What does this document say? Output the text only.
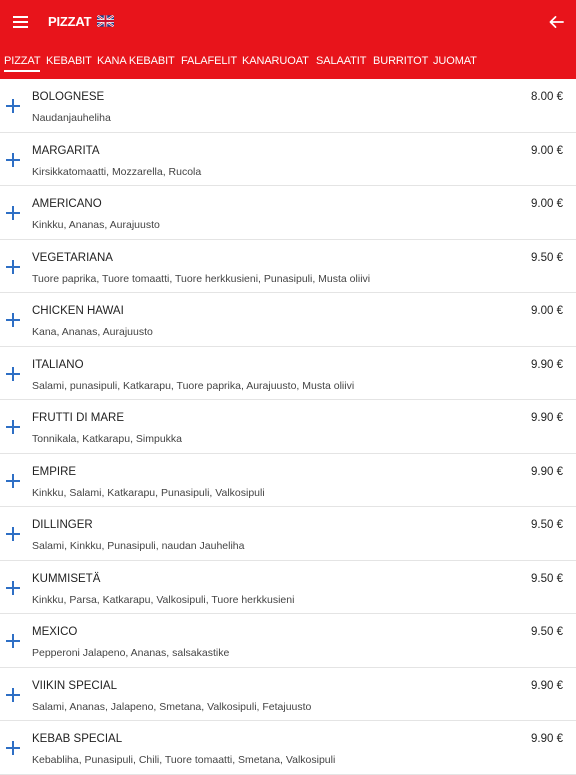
PIZZAT
PIZZAT KEBABIT KANA KEBABIT FALAFELIT KANARUOAT SALAATIT BURRITOT JUOMAT
BOLOGNESE
Naudanjauheliha
8.00 €
MARGARITA
Kirsikkatomaatti, Mozzarella, Rucola
9.00 €
AMERICANO
Kinkku, Ananas, Aurajuusto
9.00 €
VEGETARIANA
Tuore paprika, Tuore tomaatti, Tuore herkkusieni, Punasipuli, Musta oliivi
9.50 €
CHICKEN HAWAI
Kana, Ananas, Aurajuusto
9.00 €
ITALIANO
Salami, punasipuli, Katkarapu, Tuore paprika, Aurajuusto, Musta oliivi
9.90 €
FRUTTI DI MARE
Tonnikala, Katkarapu, Simpukka
9.90 €
EMPIRE
Kinkku, Salami, Katkarapu, Punasipuli, Valkosipuli
9.90 €
DILLINGER
Salami, Kinkku, Punasipuli, naudan Jauheliha
9.50 €
KUMMISETÄ
Kinkku, Parsa, Katkarapu, Valkosipuli, Tuore herkkusieni
9.50 €
MEXICO
Pepperoni Jalapeno, Ananas, salsakastike
9.50 €
VIIKIN SPECIAL
Salami, Ananas, Jalapeno, Smetana, Valkosipuli, Fetajuusto
9.90 €
KEBAB SPECIAL
Kebabliha, Punasipuli, Chili, Tuore tomaatti, Smetana, Valkosipuli
9.90 €
